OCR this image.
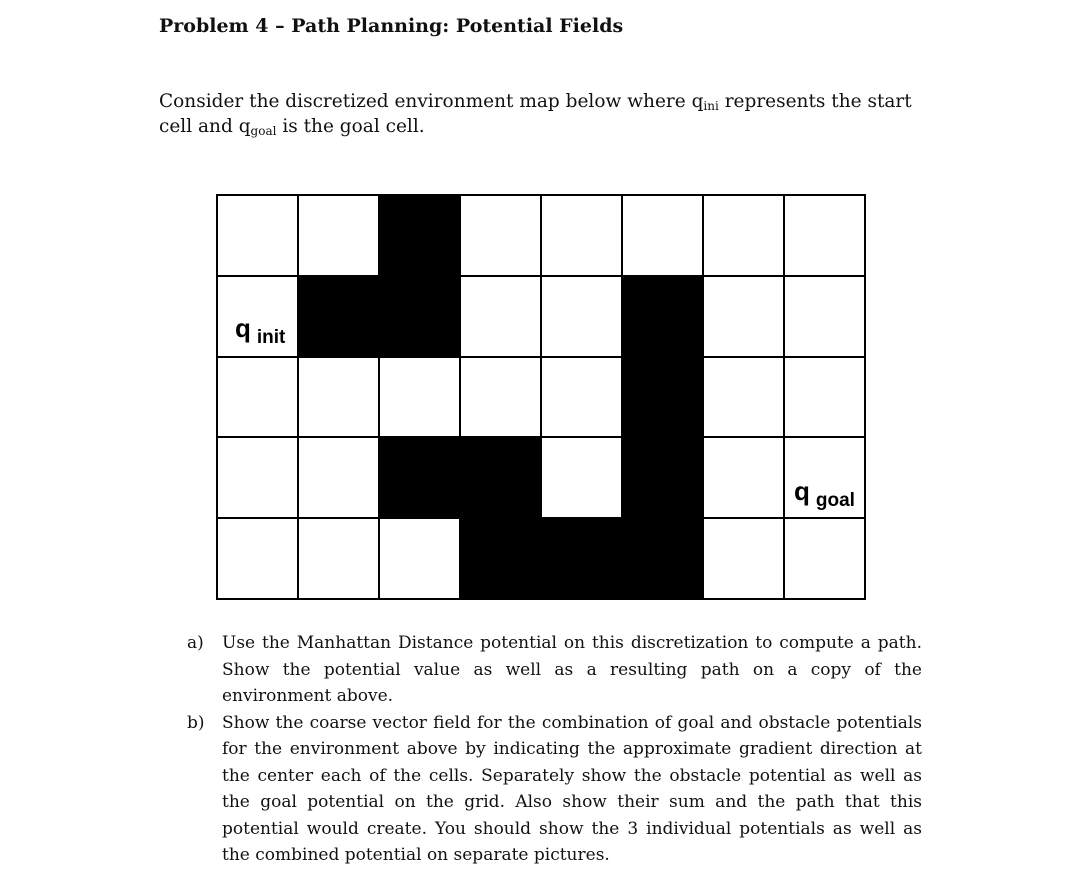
Problem 4 – Path Planning: Potential Fields
Consider the discretized environment map below where $q_{ini}$ represents the start cell and $q_{goal}$ is the goal cell.
q init
q goal
a)	Use the Manhattan Distance potential on this discretization to compute a path. Show the potential value as well as a resulting path on a copy of the environment above.
b)	Show the coarse vector field for the combination of goal and obstacle potentials for the environment above by indicating the approximate gradient direction at the center each of the cells. Separately show the obstacle potential as well as the goal potential on the grid. Also show their sum and the path that this potential would create. You should show the 3 individual potentials as well as the combined potential on separate pictures.
